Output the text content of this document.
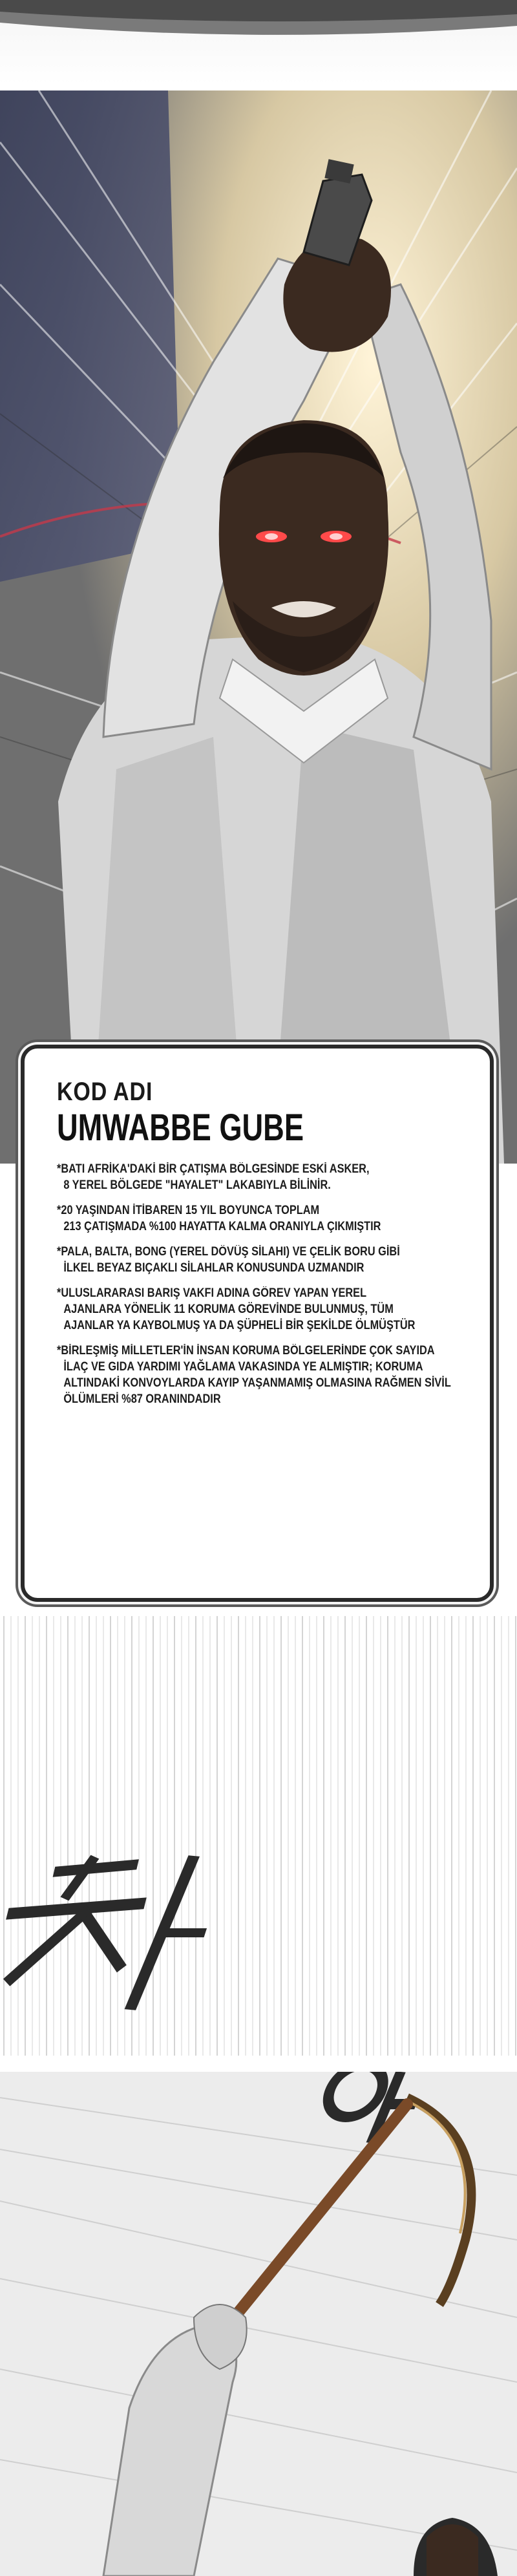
KOD ADI
UMWABBE GUBE
*BATI AFRİKA'DAKİ BİR ÇATIŞMA BÖLGESİNDE ESKİ ASKER,
8 YEREL BÖLGEDE "HAYALET" LAKABIYLA BİLİNİR.
*20 YAŞINDAN İTİBAREN 15 YIL BOYUNCA TOPLAM
213 ÇATIŞMADA %100 HAYATTA KALMA ORANIYLA ÇIKMIŞTIR
*PALA, BALTA, BONG (YEREL DÖVÜŞ SİLAHI) VE ÇELİK BORU GİBİ
İLKEL BEYAZ BIÇAKLI SİLAHLAR KONUSUNDA UZMANDIR
*ULUSLARARASI BARIŞ VAKFI ADINA GÖREV YAPAN YEREL
AJANLARA YÖNELİK 11 KORUMA GÖREVİNDE BULUNMUŞ, TÜM
AJANLAR YA KAYBOLMUŞ YA DA ŞÜPHELİ BİR ŞEKİLDE ÖLMÜŞTÜR
*BİRLEŞMİŞ MİLLETLER'İN İNSAN KORUMA BÖLGELERİNDE ÇOK SAYIDA
İLAÇ VE GIDA YARDIMI YAĞLAMA VAKASINDA YE ALMIŞTIR; KORUMA
ALTINDAKİ KONVOYLARDA KAYIP YAŞANMAMIŞ OLMASINA RAĞMEN SİVİL
ÖLÜMLERİ %87 ORANINDADIR
